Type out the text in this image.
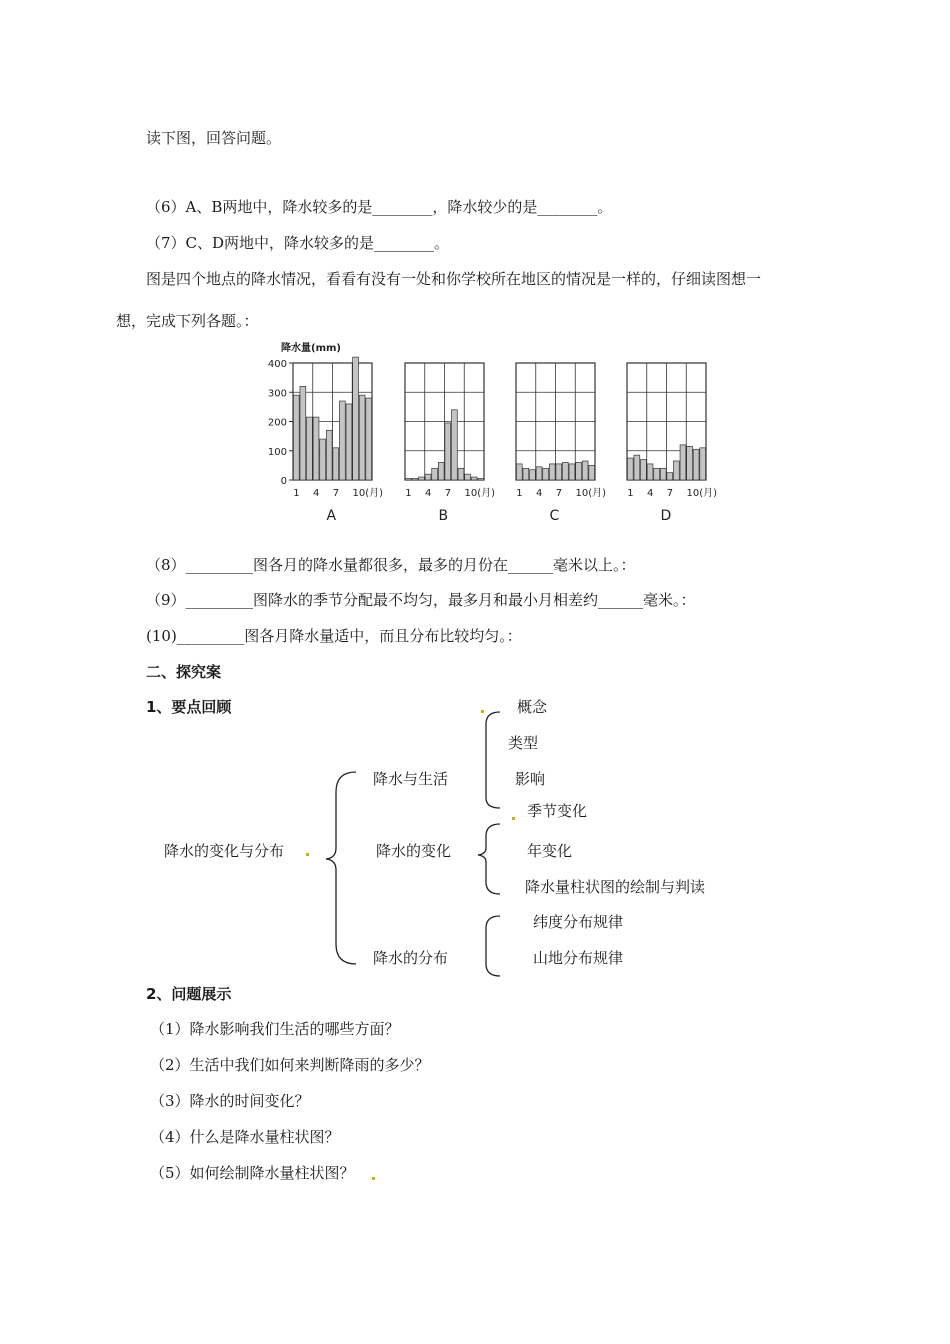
读下图，回答问题。
（6）A、B两地中，降水较多的是________，降水较少的是________。
（7）C、D两地中，降水较多的是________。
图是四个地点的降水情况，看看有没有一处和你学校所在地区的情况是一样的，仔细读图想一
想，完成下列各题。：
400
300
200
100
0
降水量(mm)
1 4 7 10(月)
A
1 4 7 10(月)
B
1 4 7 10(月)
C
1 4 7 10(月)
D
（8）_________图各月的降水量都很多，最多的月份在______毫米以上。：
（9）_________图降水的季节分配最不均匀，最多月和最小月相差约______毫米。：
(10)_________图各月降水量适中，而且分布比较均匀。：
二、探究案
1、要点回顾	概念
类型
影响
降水与生活
季节变化
降水的变化与分布	降水的变化	年变化
降水量柱状图的绘制与判读
纬度分布规律
降水的分布	山地分布规律
2、问题展示
（1）降水影响我们生活的哪些方面？
（2）生活中我们如何来判断降雨的多少？
（3）降水的时间变化？
（4）什么是降水量柱状图？
（5）如何绘制降水量柱状图？
